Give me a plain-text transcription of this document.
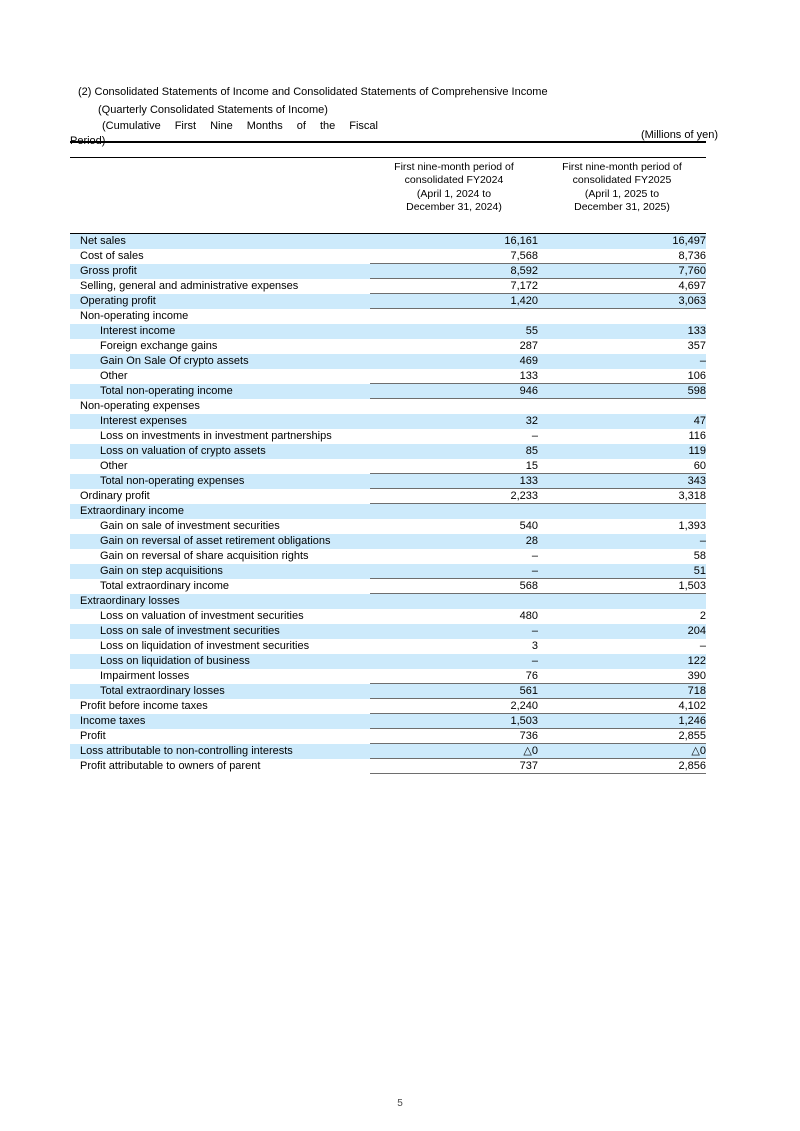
(2) Consolidated Statements of Income and Consolidated Statements of Comprehensive Income
(Quarterly Consolidated Statements of Income)
(Cumulative First Nine Months of the Fiscal
Period)	(Millions of yen)

	First nine-month period of
consolidated FY2024
(April 1, 2024 to
December 31, 2024)	First nine-month period of
consolidated FY2025
(April 1, 2025 to
December 31, 2025)

Net sales	16,161	16,497
Cost of sales	7,568	8,736
Gross profit	8,592	7,760
Selling, general and administrative expenses	7,172	4,697
Operating profit	1,420	3,063
Non-operating income		
Interest income	55	133
Foreign exchange gains	287	357
Gain On Sale Of crypto assets	469	–
Other	133	106
Total non-operating income	946	598
Non-operating expenses		
Interest expenses	32	47
Loss on investments in investment partnerships	–	116
Loss on valuation of crypto assets	85	119
Other	15	60
Total non-operating expenses	133	343
Ordinary profit	2,233	3,318
Extraordinary income		
Gain on sale of investment securities	540	1,393
Gain on reversal of asset retirement obligations	28	–
Gain on reversal of share acquisition rights	–	58
Gain on step acquisitions	–	51
Total extraordinary income	568	1,503
Extraordinary losses		
Loss on valuation of investment securities	480	2
Loss on sale of investment securities	–	204
Loss on liquidation of investment securities	3	–
Loss on liquidation of business	–	122
Impairment losses	76	390
Total extraordinary losses	561	718
Profit before income taxes	2,240	4,102
Income taxes	1,503	1,246
Profit	736	2,855
Loss attributable to non-controlling interests	△0	△0
Profit attributable to owners of parent	737	2,856
5
